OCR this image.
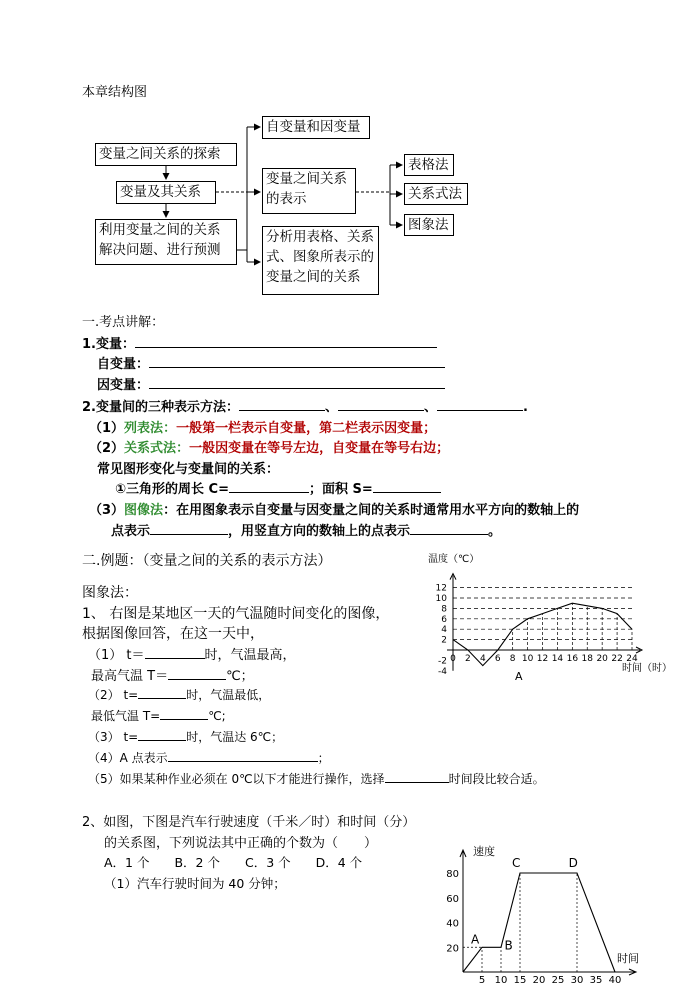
本章结构图
变量之间关系的探索
变量及其关系
利用变量之间的关系
解决问题、进行预测
自变量和因变量
变量之间关系
的表示
分析用表格、关系
式、图象所表示的
变量之间的关系
表格法
关系式法
图象法
一.考点讲解：
1.变量：
自变量：
因变量：
2.变量间的三种表示方法：	、	、	.
（1）列表法：一般第一栏表示自变量，第二栏表示因变量；
（2）关系式法：一般因变量在等号左边，自变量在等号右边；
常见图形变化与变量间的关系：
①三角形的周长 C=	；面积 S=
（3）图像法：在用图象表示自变量与因变量之间的关系时通常用水平方向的数轴上的
点表示	，用竖直方向的数轴上的点表示	。
二.例题：（变量之间的关系的表示方法）
图象法：
1、 右图是某地区一天的气温随时间变化的图像，
根据图像回答，在这一天中，
（1） t＝	时，气温最高，
最高气温 T＝	℃；
（2） t=	时，气温最低，
最低气温 T=	℃;
（3） t=	时，气温达 6℃；
（4）A 点表示	；
（5）如果某种作业必须在 0℃以下才能进行操作，选择	时间段比较合适。
2、如图，下图是汽车行驶速度（千米／时）和时间（分）
的关系图，下列说法其中正确的个数为（　　）
A．1 个　　B．2 个　　C．3 个　　D．4 个
（1）汽车行驶时间为 40 分钟；
温度（℃）
时间（时）
-4
-2
2
4
6
8
10
12
0 2 4 6 8 10 12 14 16 18 20 22 24
A
速度
时间
20
40
60
80
5 10 15 20 25 30 35 40
A B
C	D
